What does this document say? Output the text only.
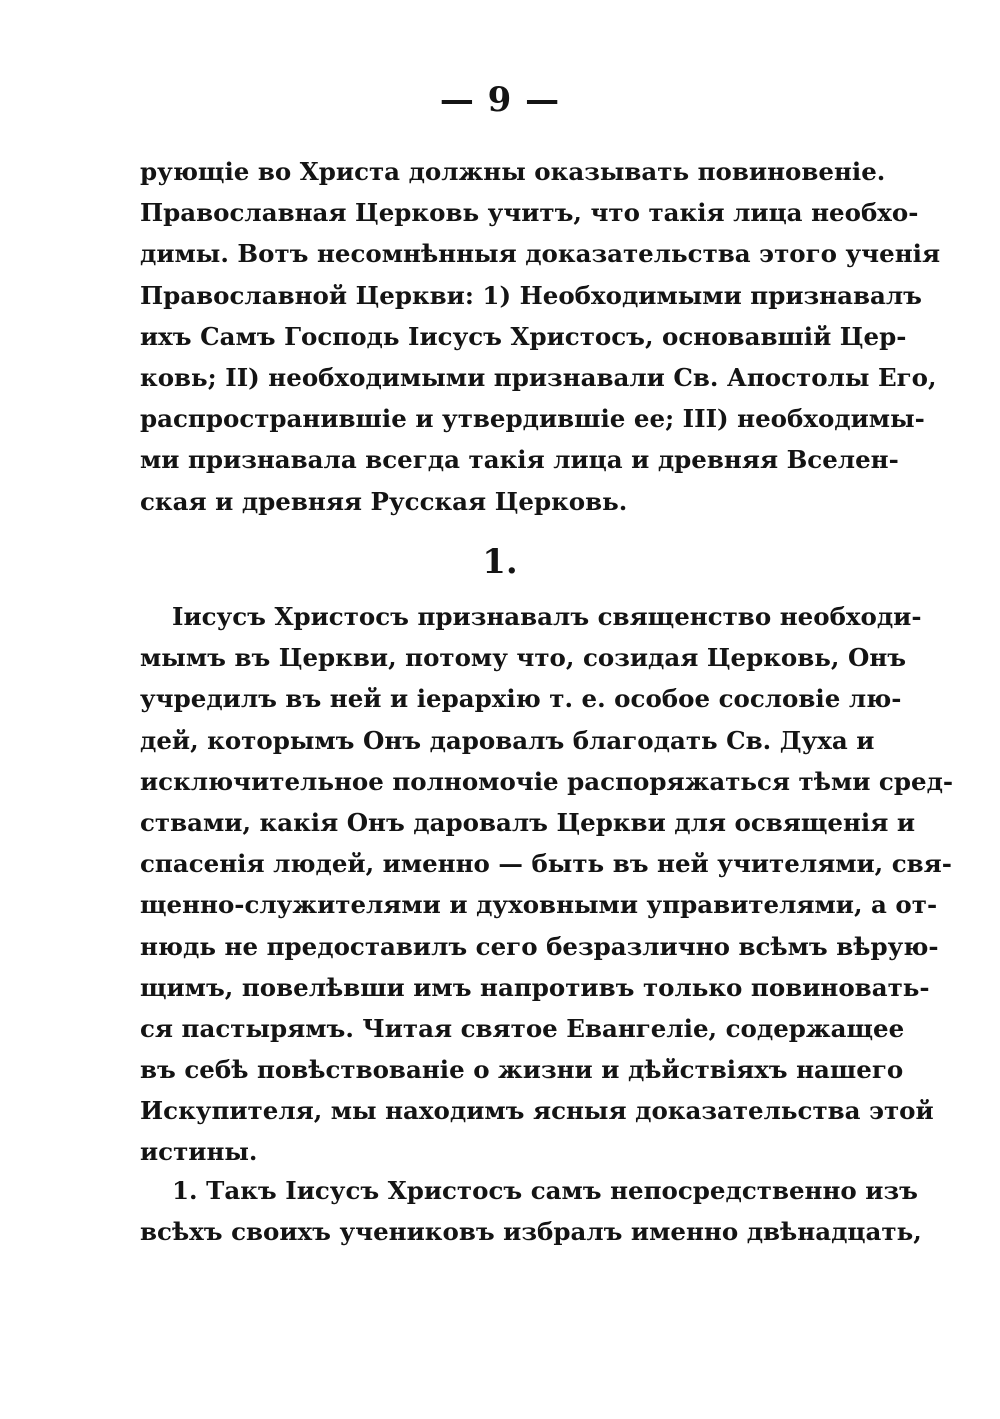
— 9 —
рующіе во Христа должны оказывать повиновеніе.
Православная Церковь учитъ, что такія лица необхо-
димы. Вотъ несомнѣнныя доказательства этого ученія
Православной Церкви: 1) Необходимыми признавалъ
ихъ Самъ Господь Іисусъ Христосъ, основавшій Цер-
ковь; II) необходимыми признавали Св. Апостолы Его,
распространившіе и утвердившіе ее; III) необходимы-
ми признавала всегда такія лица и древняя Вселен-
ская и древняя Русская Церковь.
1.
Іисусъ Христосъ признавалъ священство необходи-
мымъ въ Церкви, потому что, созидая Церковь, Онъ
учредилъ въ ней и іерархію т. е. особое сословіе лю-
дей, которымъ Онъ даровалъ благодать Св. Духа и
исключительное полномочіе распоряжаться тѣми сред-
ствами, какія Онъ даровалъ Церкви для освященія и
спасенія людей, именно — быть въ ней учителями, свя-
щенно-служителями и духовными управителями, а от-
нюдь не предоставилъ сего безразлично всѣмъ вѣрую-
щимъ, повелѣвши имъ напротивъ только повиновать-
ся пастырямъ. Читая святое Евангеліе, содержащее
въ себѣ повѣствованіе о жизни и дѣйствіяхъ нашего
Искупителя, мы находимъ ясныя доказательства этой
истины.
1. Такъ Іисусъ Христосъ самъ непосредственно изъ
всѣхъ своихъ учениковъ избралъ именно двѣнадцать,
